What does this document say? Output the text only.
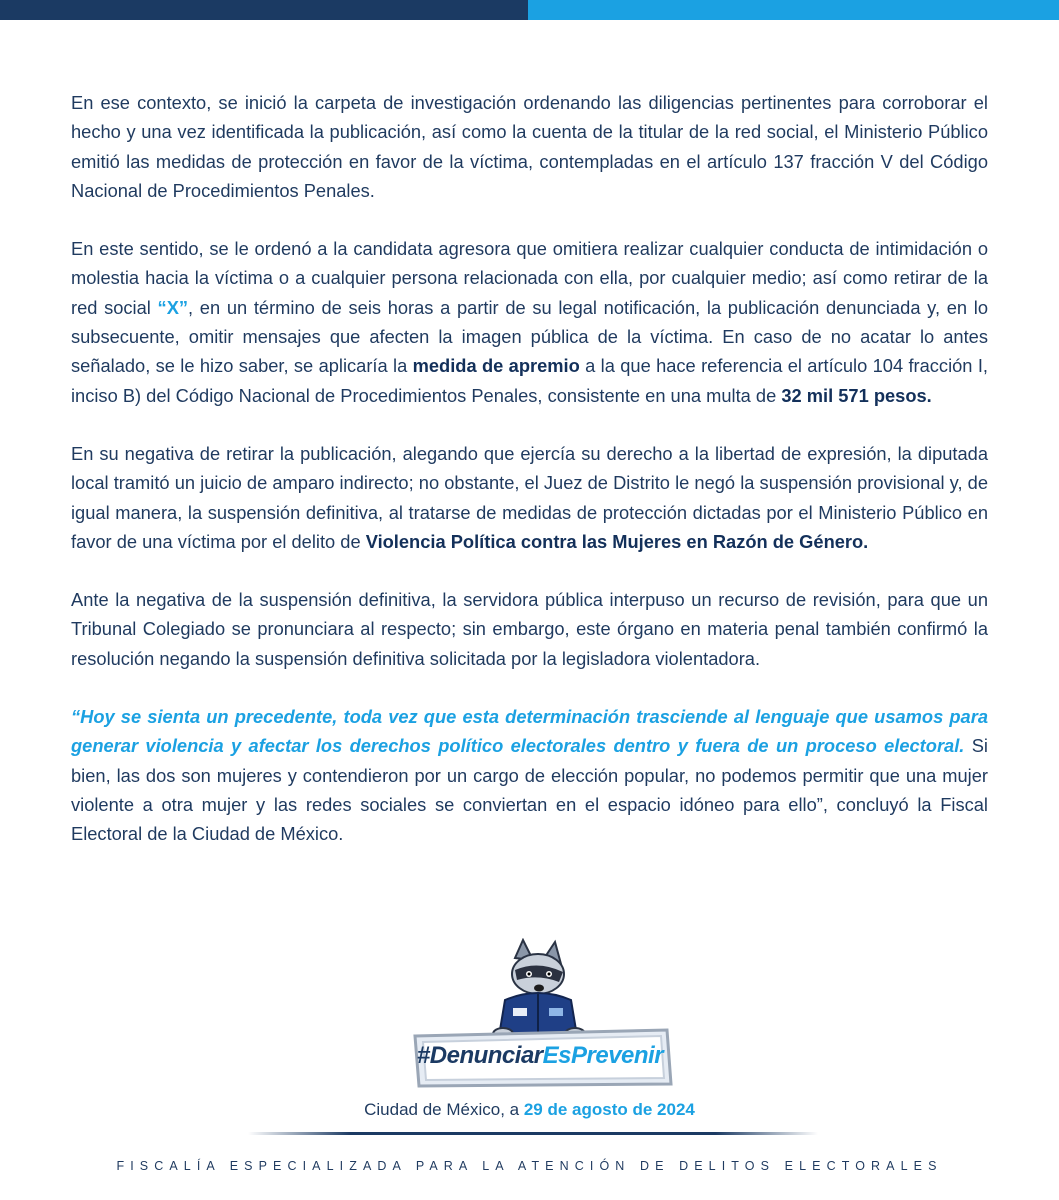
En ese contexto, se inició la carpeta de investigación ordenando las diligencias pertinentes para corroborar el hecho y una vez identificada la publicación, así como la cuenta de la titular de la red social, el Ministerio Público emitió las medidas de protección en favor de la víctima, contempladas en el artículo 137 fracción V del Código Nacional de Procedimientos Penales.

En este sentido, se le ordenó a la candidata agresora que omitiera realizar cualquier conducta de intimidación o molestia hacia la víctima o a cualquier persona relacionada con ella, por cualquier medio; así como retirar de la red social “X”, en un término de seis horas a partir de su legal notificación, la publicación denunciada y, en lo subsecuente, omitir mensajes que afecten la imagen pública de la víctima. En caso de no acatar lo antes señalado, se le hizo saber, se aplicaría la medida de apremio a la que hace referencia el artículo 104 fracción I, inciso B) del Código Nacional de Procedimientos Penales, consistente en una multa de 32 mil 571 pesos.

En su negativa de retirar la publicación, alegando que ejercía su derecho a la libertad de expresión, la diputada local tramitó un juicio de amparo indirecto; no obstante, el Juez de Distrito le negó la suspensión provisional y, de igual manera, la suspensión definitiva, al tratarse de medidas de protección dictadas por el Ministerio Público en favor de una víctima por el delito de Violencia Política contra las Mujeres en Razón de Género.

Ante la negativa de la suspensión definitiva, la servidora pública interpuso un recurso de revisión, para que un Tribunal Colegiado se pronunciara al respecto; sin embargo, este órgano en materia penal también confirmó la resolución negando la suspensión definitiva solicitada por la legisladora violentadora.

“Hoy se sienta un precedente, toda vez que esta determinación trasciende al lenguaje que usamos para generar violencia y afectar los derechos político electorales dentro y fuera de un proceso electoral. Si bien, las dos son mujeres y contendieron por un cargo de elección popular, no podemos permitir que una mujer violente a otra mujer y las redes sociales se conviertan en el espacio idóneo para ello”, concluyó la Fiscal Electoral de la Ciudad de México.

#DenunciarEsPrevenir
Ciudad de México, a 29 de agosto de 2024
FISCALÍA ESPECIALIZADA PARA LA ATENCIÓN DE DELITOS ELECTORALES
